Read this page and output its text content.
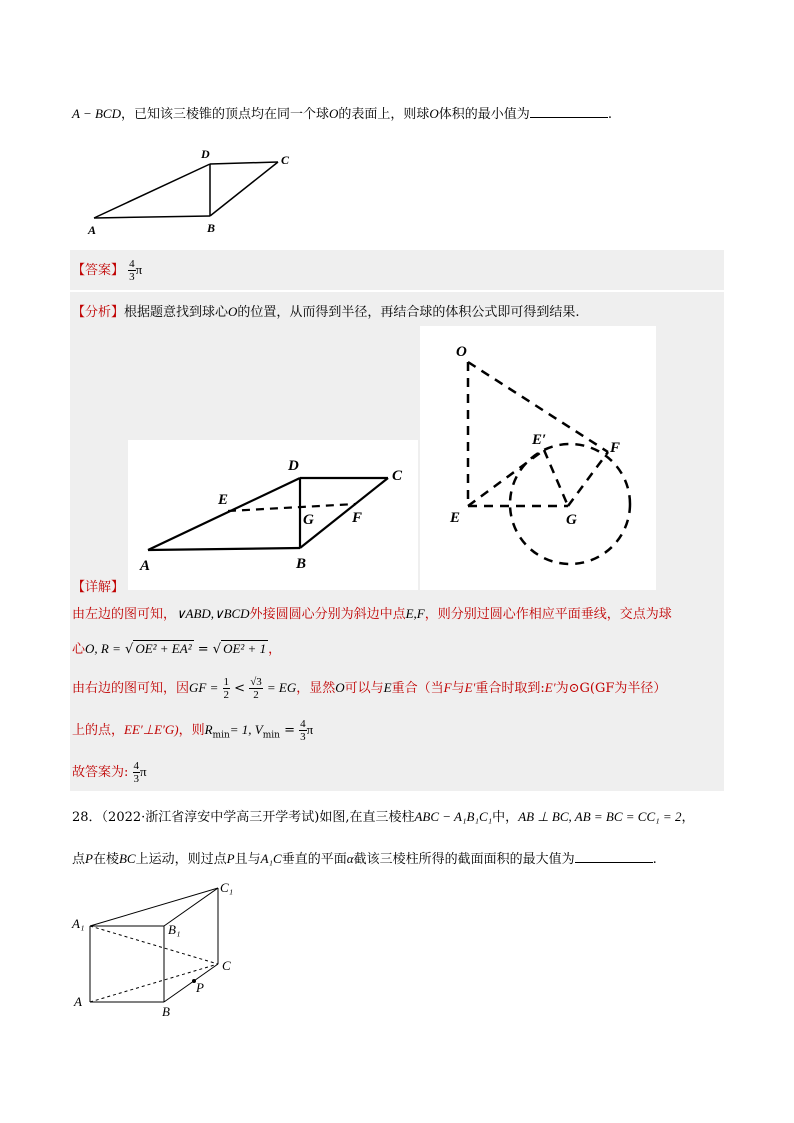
A − BCD，已知该三棱锥的顶点均在同一个球O的表面上，则球O体积的最小值为	.
A	B
C
D
【答案】 $\frac{4}{3}$ π
【分析】根据题意找到球心O的位置，从而得到半径，再结合球的体积公式即可得到结果.
A	B
C
D
E
F
G
O
E
E′	F
G
【详解】
由左边的图可知，∨ABD,∨BCD外接圆圆心分别为斜边中点E,F，则分别过圆心作相应平面垂线，交点为球
心O, R = √ OE² + EA² = √ OE² + 1 ，
由右边的图可知，因GF = $\frac{1}{2} < \frac{√3}{2}$ = EG，显然O可以与E重合（当F与E′重合时取到:E′为⊙G(GF为半径）
上的点，EE′⊥E′G)，则$R_{min}= 1$, $V_{min} = \frac{4}{3}$ π
故答案为: $\frac{4}{3}$ π
28．（2022·浙江省淳安中学高三开学考试)如图,在直三棱柱ABC − A₁B₁C₁中，AB ⊥ BC, AB = BC = CC₁ = 2，
点P在棱BC上运动，则过点P且与A₁C垂直的平面α截该三棱柱所得的截面面积的最大值为	.
A
B
C
A₁	B₁
C₁
P
